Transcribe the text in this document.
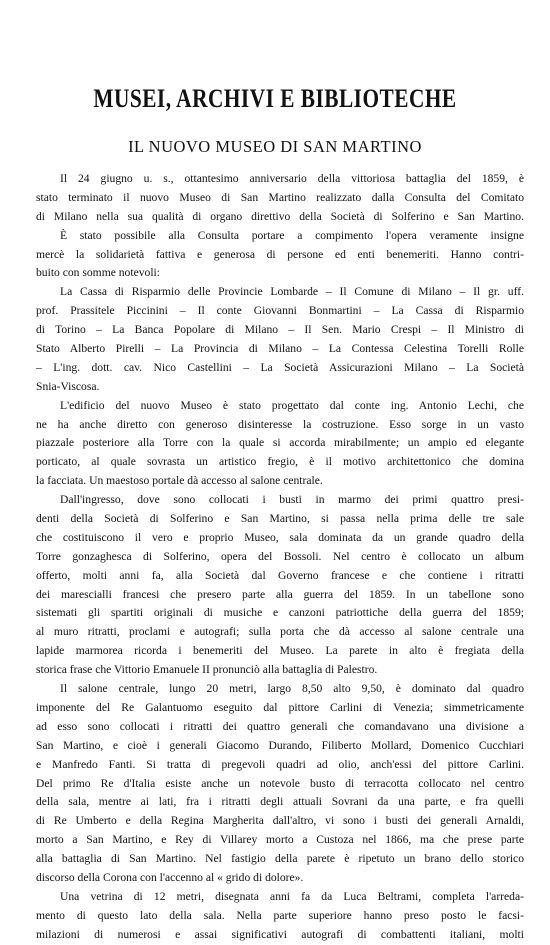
MUSEI, ARCHIVI E BIBLIOTECHE
IL NUOVO MUSEO DI SAN MARTINO
Il 24 giugno u. s., ottantesimo anniversario della vittoriosa battaglia del 1859, è
stato terminato il nuovo Museo di San Martino realizzato dalla Consulta del Comitato
di Milano nella sua qualità di organo direttivo della Società di Solferino e San Martino.
È stato possibile alla Consulta portare a compimento l'opera veramente insigne
mercè la solidarietà fattiva e generosa di persone ed enti benemeriti. Hanno contri-
buito con somme notevoli:
La Cassa di Risparmio delle Provincie Lombarde – Il Comune di Milano – Il gr. uff.
prof. Prassitele Piccinini – Il conte Giovanni Bonmartini – La Cassa di Risparmio
di Torino – La Banca Popolare di Milano – Il Sen. Mario Crespi – Il Ministro di
Stato Alberto Pirelli – La Provincia di Milano – La Contessa Celestina Torelli Rolle
– L'ing. dott. cav. Nico Castellini – La Società Assicurazioni Milano – La Società
Snia-Viscosa.
L'edificio del nuovo Museo è stato progettato dal conte ing. Antonio Lechi, che
ne ha anche diretto con generoso disinteresse la costruzione. Esso sorge in un vasto
piazzale posteriore alla Torre con la quale si accorda mirabilmente; un ampio ed elegante
porticato, al quale sovrasta un artistico fregio, è il motivo architettonico che domina
la facciata. Un maestoso portale dà accesso al salone centrale.
Dall'ingresso, dove sono collocati i busti in marmo dei primi quattro presi-
denti della Società di Solferino e San Martino, si passa nella prima delle tre sale
che costituiscono il vero e proprio Museo, sala dominata da un grande quadro della
Torre gonzaghesca di Solferino, opera del Bossoli. Nel centro è collocato un album
offerto, molti anni fa, alla Società dal Governo francese e che contiene i ritratti
dei marescialli francesi che presero parte alla guerra del 1859. In un tabellone sono
sistemati gli spartiti originali di musiche e canzoni patriottiche della guerra del 1859;
al muro ritratti, proclami e autografi; sulla porta che dà accesso al salone centrale una
lapide marmorea ricorda i benemeriti del Museo. La parete in alto è fregiata della
storica frase che Vittorio Emanuele II pronunciò alla battaglia di Palestro.
Il salone centrale, lungo 20 metri, largo 8,50 alto 9,50, è dominato dal quadro
imponente del Re Galantuomo eseguito dal pittore Carlini di Venezia; simmetricamente
ad esso sono collocati i ritratti dei quattro generali che comandavano una divisione a
San Martino, e cioè i generali Giacomo Durando, Filiberto Mollard, Domenico Cucchiari
e Manfredo Fanti. Si tratta di pregevoli quadri ad olio, anch'essi del pittore Carlini.
Del primo Re d'Italia esiste anche un notevole busto di terracotta collocato nel centro
della sala, mentre ai lati, fra i ritratti degli attuali Sovrani da una parte, e fra quelli
di Re Umberto e della Regina Margherita dall'altro, vi sono i busti dei generali Arnaldi,
morto a San Martino, e Rey di Villarey morto a Custoza nel 1866, ma che prese parte
alla battaglia di San Martino. Nel fastigio della parete è ripetuto un brano dello storico
discorso della Corona con l'accenno al « grido di dolore».
Una vetrina di 12 metri, disegnata anni fa da Luca Beltrami, completa l'arreda-
mento di questo lato della sala. Nella parte superiore hanno preso posto le facsi-
milazioni di numerosi e assai significativi autografi di combattenti italiani, molti
